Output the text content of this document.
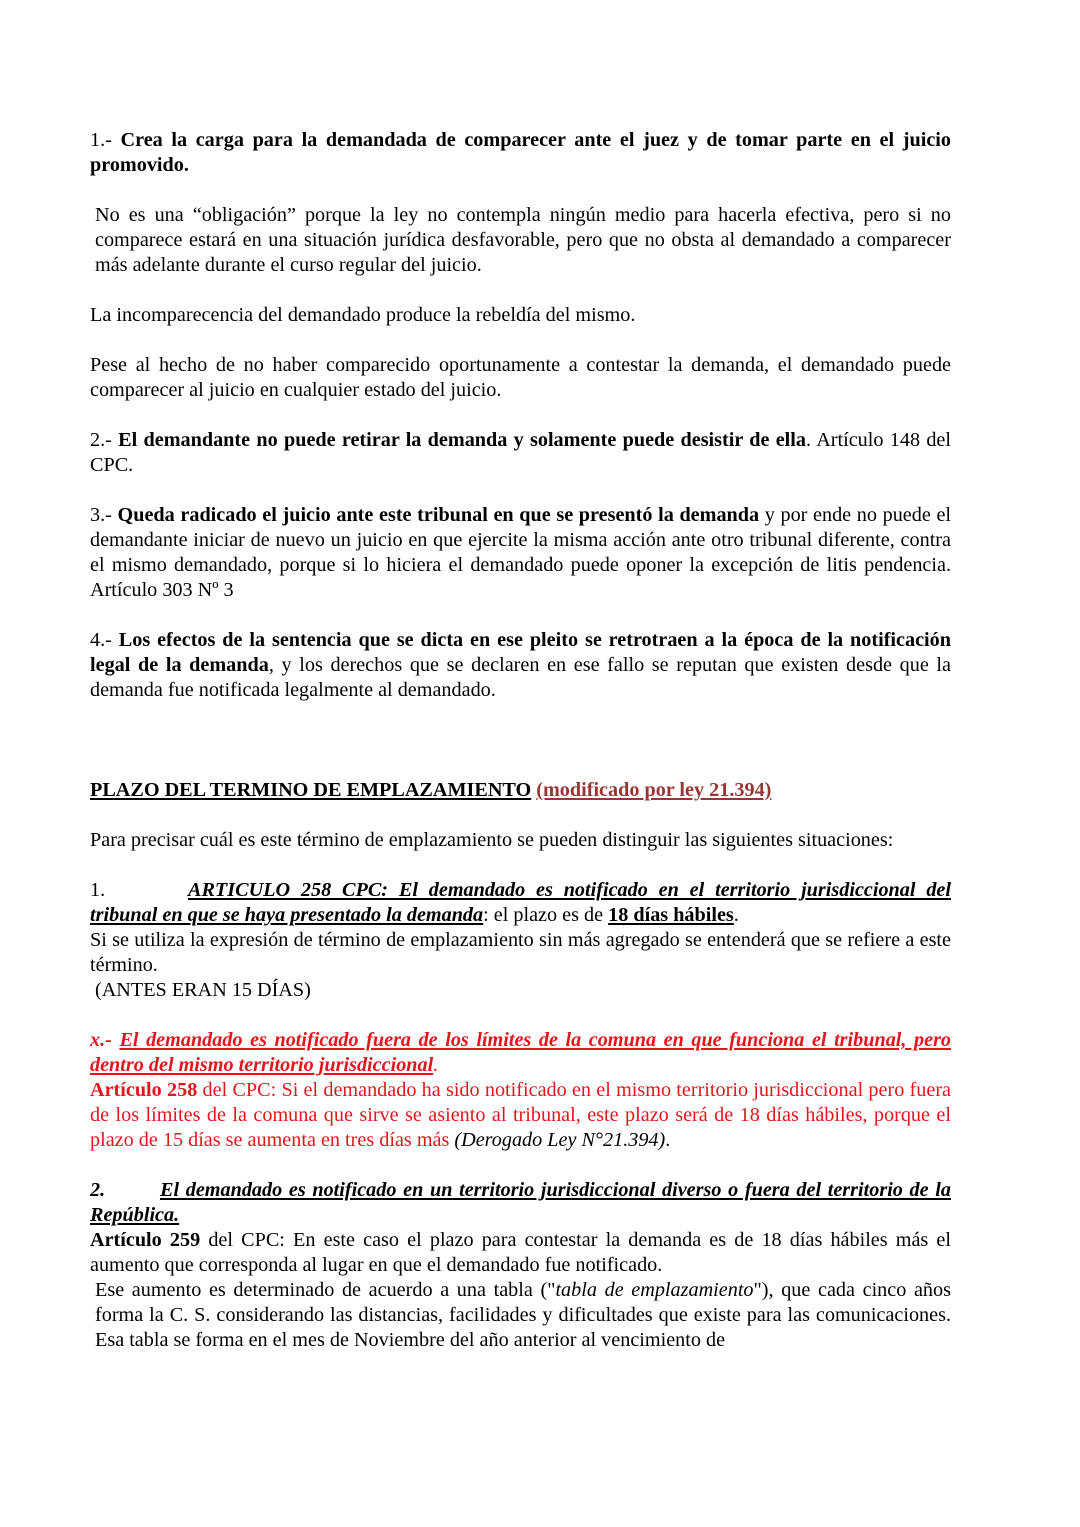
1.- Crea la carga para la demandada de comparecer ante el juez y de tomar parte en el juicio promovido.

No es una “obligación” porque la ley no contempla ningún medio para hacerla efectiva, pero si no comparece estará en una situación jurídica desfavorable, pero que no obsta al demandado a comparecer más adelante durante el curso regular del juicio.

La incomparecencia del demandado produce la rebeldía del mismo.

Pese al hecho de no haber comparecido oportunamente a contestar la demanda, el demandado puede comparecer al juicio en cualquier estado del juicio.

2.- El demandante no puede retirar la demanda y solamente puede desistir de ella. Artículo 148 del CPC.

3.- Queda radicado el juicio ante este tribunal en que se presentó la demanda y por ende no puede el demandante iniciar de nuevo un juicio en que ejercite la misma acción ante otro tribunal diferente, contra el mismo demandado, porque si lo hiciera el demandado puede oponer la excepción de litis pendencia. Artículo 303 Nº 3

4.- Los efectos de la sentencia que se dicta en ese pleito se retrotraen a la época de la notificación legal de la demanda, y los derechos que se declaren en ese fallo se reputan que existen desde que la demanda fue notificada legalmente al demandado.

PLAZO DEL TERMINO DE EMPLAZAMIENTO (modificado por ley 21.394)

Para precisar cuál es este término de emplazamiento se pueden distinguir las siguientes situaciones:

1.	ARTICULO 258 CPC: El demandado es notificado en el territorio jurisdiccional del tribunal en que se haya presentado la demanda: el plazo es de 18 días hábiles.

Si se utiliza la expresión de término de emplazamiento sin más agregado se entenderá que se refiere a este término.

(ANTES ERAN 15 DÍAS)

x.- El demandado es notificado fuera de los límites de la comuna en que funciona el tribunal, pero dentro del mismo territorio jurisdiccional.

Artículo 258 del CPC: Si el demandado ha sido notificado en el mismo territorio jurisdiccional pero fuera de los límites de la comuna que sirve se asiento al tribunal, este plazo será de 18 días hábiles, porque el plazo de 15 días se aumenta en tres días más (Derogado Ley N°21.394).

2.	El demandado es notificado en un territorio jurisdiccional diverso o fuera del territorio de la República.

Artículo 259 del CPC: En este caso el plazo para contestar la demanda es de 18 días hábiles más el aumento que corresponda al lugar en que el demandado fue notificado.

Ese aumento es determinado de acuerdo a una tabla ("tabla de emplazamiento"), que cada cinco años forma la C. S. considerando las distancias, facilidades y dificultades que existe para las comunicaciones. Esa tabla se forma en el mes de Noviembre del año anterior al vencimiento de
